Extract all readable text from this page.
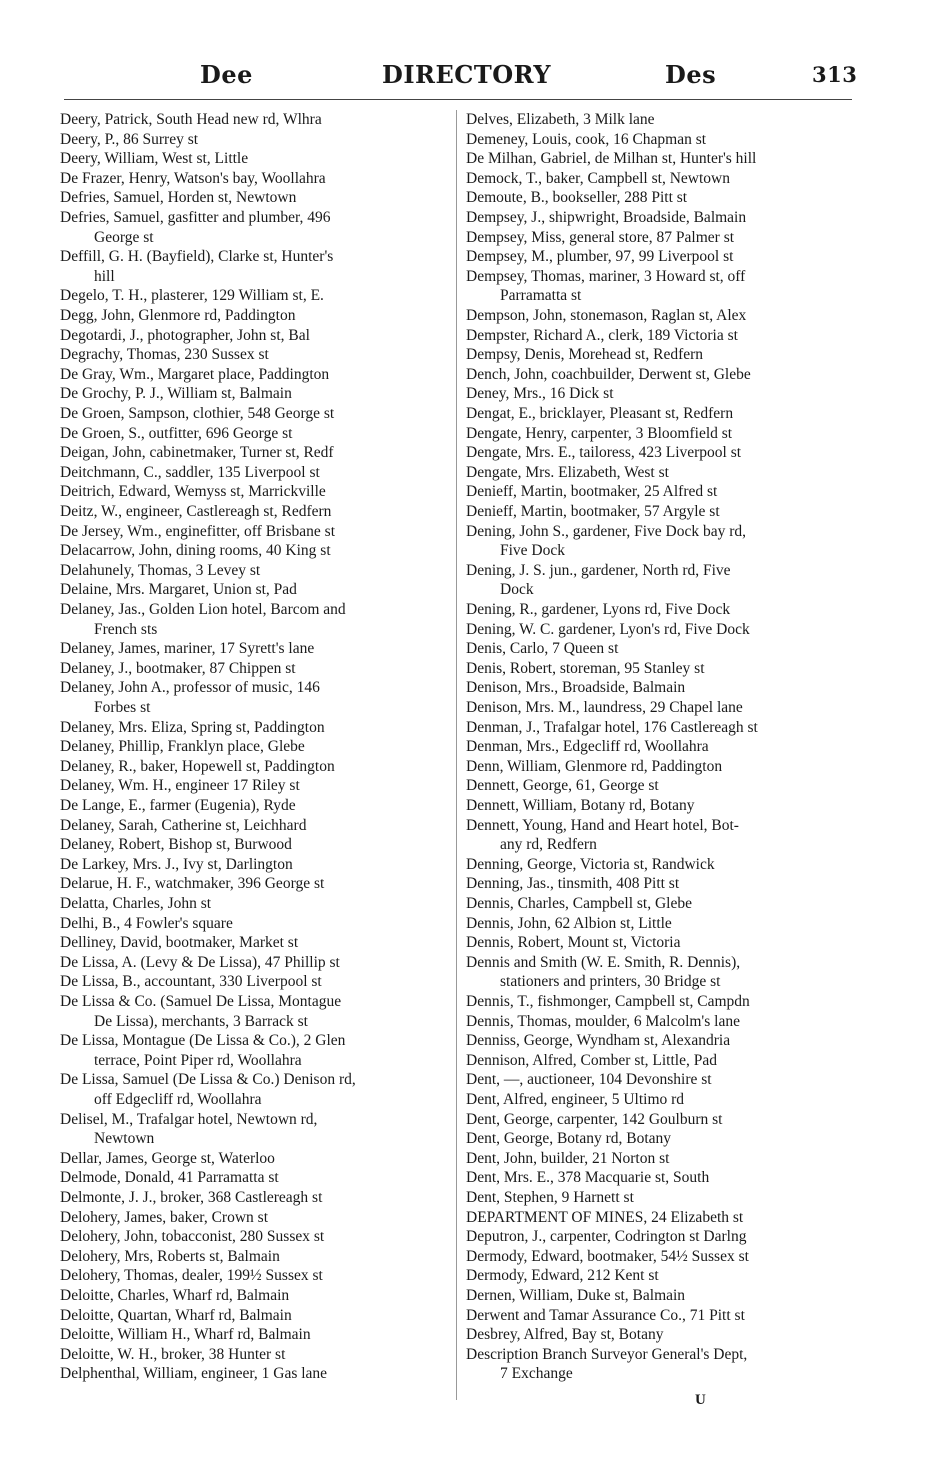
Dee	DIRECTORY	Des	313
Deery, Patrick, South Head new rd, Wlhra
Deery, P., 86 Surrey st
Deery, William, West st, Little
De Frazer, Henry, Watson's bay, Woollahra
Defries, Samuel, Horden st, Newtown
Defries, Samuel, gasfitter and plumber, 496
George st
Deffill, G. H. (Bayfield), Clarke st, Hunter's
hill
Degelo, T. H., plasterer, 129 William st, E.
Degg, John, Glenmore rd, Paddington
Degotardi, J., photographer, John st, Bal
Degrachy, Thomas, 230 Sussex st
De Gray, Wm., Margaret place, Paddington
De Grochy, P. J., William st, Balmain
De Groen, Sampson, clothier, 548 George st
De Groen, S., outfitter, 696 George st
Deigan, John, cabinetmaker, Turner st, Redf
Deitchmann, C., saddler, 135 Liverpool st
Deitrich, Edward, Wemyss st, Marrickville
Deitz, W., engineer, Castlereagh st, Redfern
De Jersey, Wm., enginefitter, off Brisbane st
Delacarrow, John, dining rooms, 40 King st
Delahunely, Thomas, 3 Levey st
Delaine, Mrs. Margaret, Union st, Pad
Delaney, Jas., Golden Lion hotel, Barcom and
French sts
Delaney, James, mariner, 17 Syrett's lane
Delaney, J., bootmaker, 87 Chippen st
Delaney, John A., professor of music, 146
Forbes st
Delaney, Mrs. Eliza, Spring st, Paddington
Delaney, Phillip, Franklyn place, Glebe
Delaney, R., baker, Hopewell st, Paddington
Delaney, Wm. H., engineer 17 Riley st
De Lange, E., farmer (Eugenia), Ryde
Delaney, Sarah, Catherine st, Leichhard
Delaney, Robert, Bishop st, Burwood
De Larkey, Mrs. J., Ivy st, Darlington
Delarue, H. F., watchmaker, 396 George st
Delatta, Charles, John st
Delhi, B., 4 Fowler's square
Delliney, David, bootmaker, Market st
De Lissa, A. (Levy & De Lissa), 47 Phillip st
De Lissa, B., accountant, 330 Liverpool st
De Lissa & Co. (Samuel De Lissa, Montague
De Lissa), merchants, 3 Barrack st
De Lissa, Montague (De Lissa & Co.), 2 Glen
terrace, Point Piper rd, Woollahra
De Lissa, Samuel (De Lissa & Co.) Denison rd,
off Edgecliff rd, Woollahra
Delisel, M., Trafalgar hotel, Newtown rd,
Newtown
Dellar, James, George st, Waterloo
Delmode, Donald, 41 Parramatta st
Delmonte, J. J., broker, 368 Castlereagh st
Delohery, James, baker, Crown st
Delohery, John, tobacconist, 280 Sussex st
Delohery, Mrs, Roberts st, Balmain
Delohery, Thomas, dealer, 199½ Sussex st
Deloitte, Charles, Wharf rd, Balmain
Deloitte, Quartan, Wharf rd, Balmain
Deloitte, William H., Wharf rd, Balmain
Deloitte, W. H., broker, 38 Hunter st
Delphenthal, William, engineer, 1 Gas lane
Delves, Elizabeth, 3 Milk lane
Demeney, Louis, cook, 16 Chapman st
De Milhan, Gabriel, de Milhan st, Hunter's hill
Demock, T., baker, Campbell st, Newtown
Demoute, B., bookseller, 288 Pitt st
Dempsey, J., shipwright, Broadside, Balmain
Dempsey, Miss, general store, 87 Palmer st
Dempsey, M., plumber, 97, 99 Liverpool st
Dempsey, Thomas, mariner, 3 Howard st, off
Parramatta st
Dempson, John, stonemason, Raglan st, Alex
Dempster, Richard A., clerk, 189 Victoria st
Dempsy, Denis, Morehead st, Redfern
Dench, John, coachbuilder, Derwent st, Glebe
Deney, Mrs., 16 Dick st
Dengat, E., bricklayer, Pleasant st, Redfern
Dengate, Henry, carpenter, 3 Bloomfield st
Dengate, Mrs. E., tailoress, 423 Liverpool st
Dengate, Mrs. Elizabeth, West st
Denieff, Martin, bootmaker, 25 Alfred st
Denieff, Martin, bootmaker, 57 Argyle st
Dening, John S., gardener, Five Dock bay rd,
Five Dock
Dening, J. S. jun., gardener, North rd, Five
Dock
Dening, R., gardener, Lyons rd, Five Dock
Dening, W. C. gardener, Lyon's rd, Five Dock
Denis, Carlo, 7 Queen st
Denis, Robert, storeman, 95 Stanley st
Denison, Mrs., Broadside, Balmain
Denison, Mrs. M., laundress, 29 Chapel lane
Denman, J., Trafalgar hotel, 176 Castlereagh st
Denman, Mrs., Edgecliff rd, Woollahra
Denn, William, Glenmore rd, Paddington
Dennett, George, 61, George st
Dennett, William, Botany rd, Botany
Dennett, Young, Hand and Heart hotel, Bot-
any rd, Redfern
Denning, George, Victoria st, Randwick
Denning, Jas., tinsmith, 408 Pitt st
Dennis, Charles, Campbell st, Glebe
Dennis, John, 62 Albion st, Little
Dennis, Robert, Mount st, Victoria
Dennis and Smith (W. E. Smith, R. Dennis),
stationers and printers, 30 Bridge st
Dennis, T., fishmonger, Campbell st, Campdn
Dennis, Thomas, moulder, 6 Malcolm's lane
Denniss, George, Wyndham st, Alexandria
Dennison, Alfred, Comber st, Little, Pad
Dent, —, auctioneer, 104 Devonshire st
Dent, Alfred, engineer, 5 Ultimo rd
Dent, George, carpenter, 142 Goulburn st
Dent, George, Botany rd, Botany
Dent, John, builder, 21 Norton st
Dent, Mrs. E., 378 Macquarie st, South
Dent, Stephen, 9 Harnett st
DEPARTMENT OF MINES, 24 Elizabeth st
Deputron, J., carpenter, Codrington st Darlng
Dermody, Edward, bootmaker, 54½ Sussex st
Dermody, Edward, 212 Kent st
Dernen, William, Duke st, Balmain
Derwent and Tamar Assurance Co., 71 Pitt st
Desbrey, Alfred, Bay st, Botany
Description Branch Surveyor General's Dept,
7 Exchange
U
